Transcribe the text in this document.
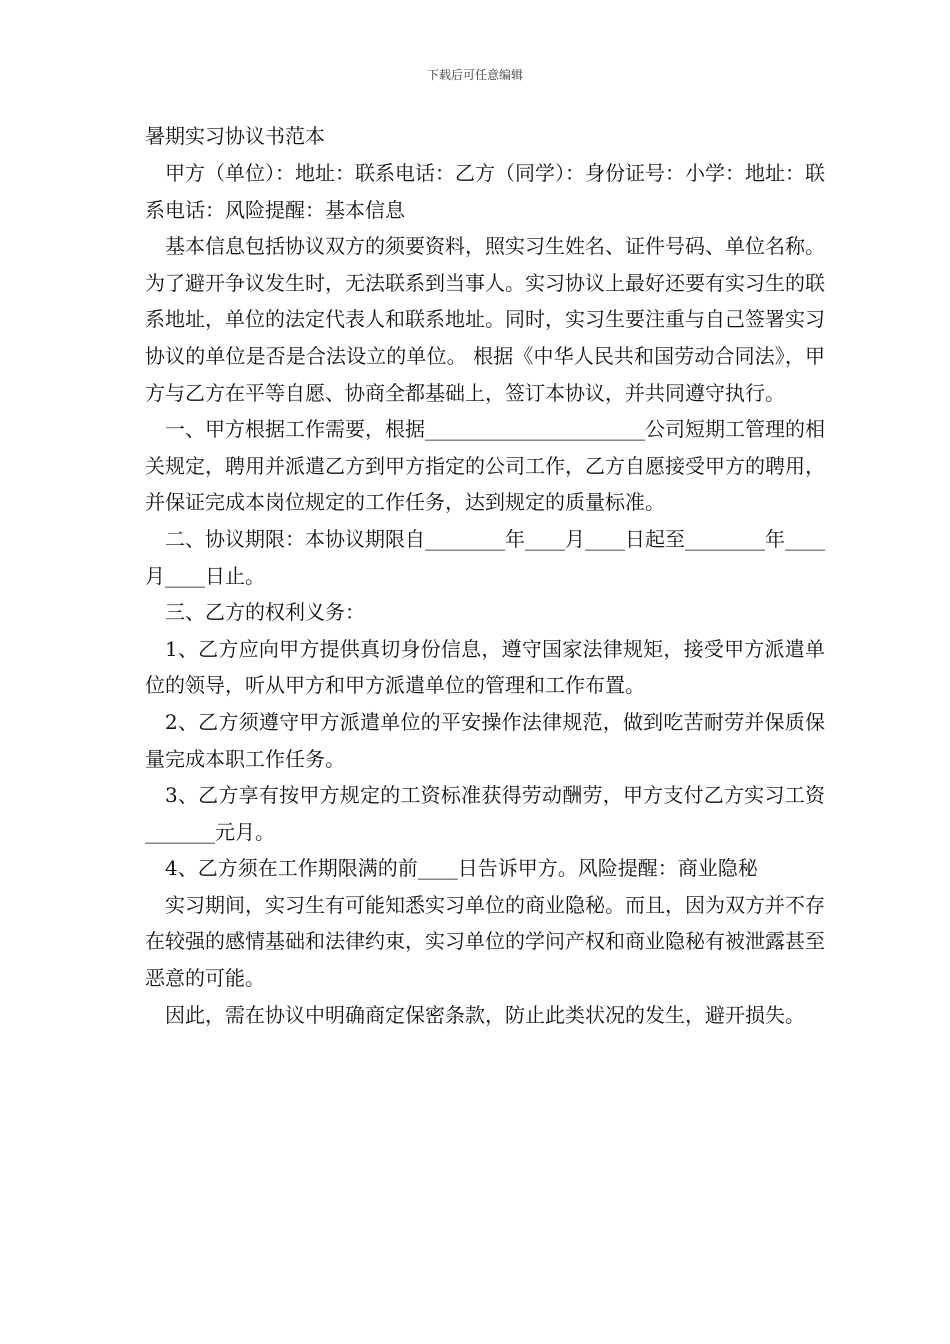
下载后可任意编辑
暑期实习协议书范本

甲方（单位）：地址：联系电话：乙方（同学）：身份证号：小学：地址：联系电话：风险提醒：基本信息

基本信息包括协议双方的须要资料，照实习生姓名、证件号码、单位名称。为了避开争议发生时，无法联系到当事人。实习协议上最好还要有实习生的联系地址，单位的法定代表人和联系地址。同时，实习生要注重与自己签署实习协议的单位是否是合法设立的单位。 根据《中华人民共和国劳动合同法》，甲方与乙方在平等自愿、协商全都基础上，签订本协议，并共同遵守执行。

一、甲方根据工作需要，根据______________________公司短期工管理的相关规定，聘用并派遣乙方到甲方指定的公司工作，乙方自愿接受甲方的聘用，并保证完成本岗位规定的工作任务，达到规定的质量标准。

二、协议期限：本协议期限自________年____月____日起至________年____月____日止。

三、乙方的权利义务：

1、乙方应向甲方提供真切身份信息，遵守国家法律规矩，接受甲方派遣单位的领导，听从甲方和甲方派遣单位的管理和工作布置。

2、乙方须遵守甲方派遣单位的平安操作法律规范，做到吃苦耐劳并保质保量完成本职工作任务。

3、乙方享有按甲方规定的工资标准获得劳动酬劳，甲方支付乙方实习工资_______元月。

4、乙方须在工作期限满的前____日告诉甲方。风险提醒：商业隐秘

实习期间，实习生有可能知悉实习单位的商业隐秘。而且，因为双方并不存在较强的感情基础和法律约束，实习单位的学问产权和商业隐秘有被泄露甚至恶意的可能。

因此，需在协议中明确商定保密条款，防止此类状况的发生，避开损失。
